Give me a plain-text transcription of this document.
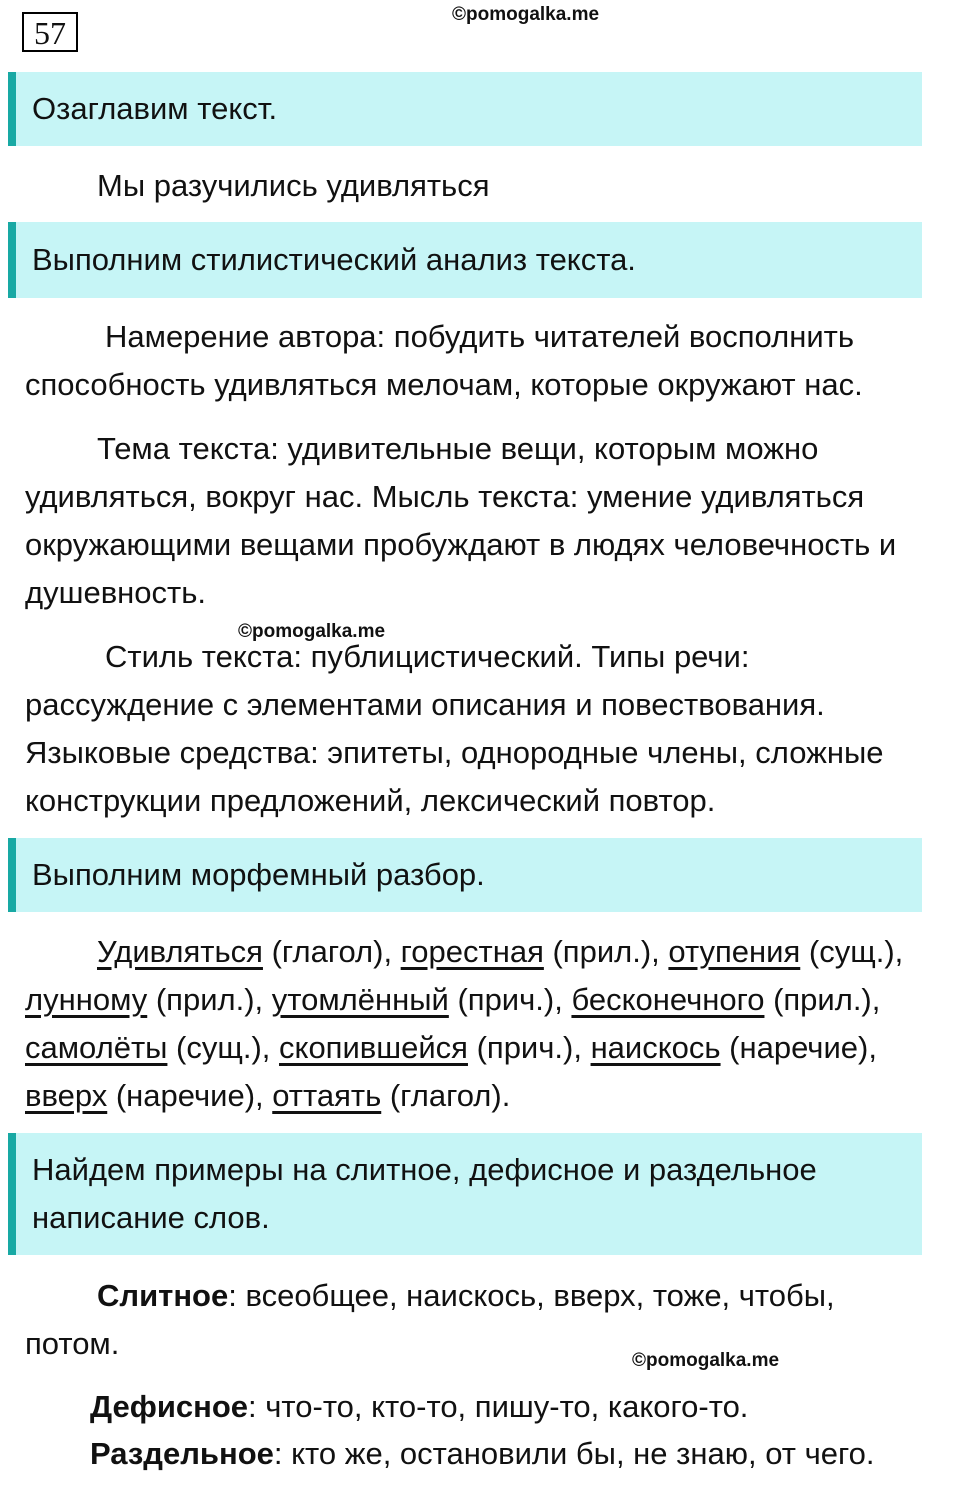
57
©pomogalka.me
Озаглавим текст.
Мы разучились удивляться
Выполним стилистический анализ текста.
Намерение автора: побудить читателей восполнить способность удивляться мелочам, которые окружают нас.
Тема текста: удивительные вещи, которым можно удивляться, вокруг нас. Мысль текста: умение удивляться окружающими вещами пробуждают в людях человечность и душевность.
©pomogalka.me
Стиль текста: публицистический. Типы речи: рассуждение с элементами описания и повествования. Языковые средства: эпитеты, однородные члены, сложные конструкции предложений, лексический повтор.
Выполним морфемный разбор.
Удивляться (глагол), горестная (прил.), отупения (сущ.), лунному (прил.), утомлённый (прич.), бесконечного (прил.), самолёты (сущ.), скопившейся (прич.), наискось (наречие), вверх (наречие), оттаять (глагол).
Найдем примеры на слитное, дефисное и раздельное написание слов.
Слитное: всеобщее, наискось, вверх, тоже, чтобы, потом.	©pomogalka.me
Дефисное: что-то, кто-то, пишу-то, какого-то.
Раздельное: кто же, остановили бы, не знаю, от чего.
